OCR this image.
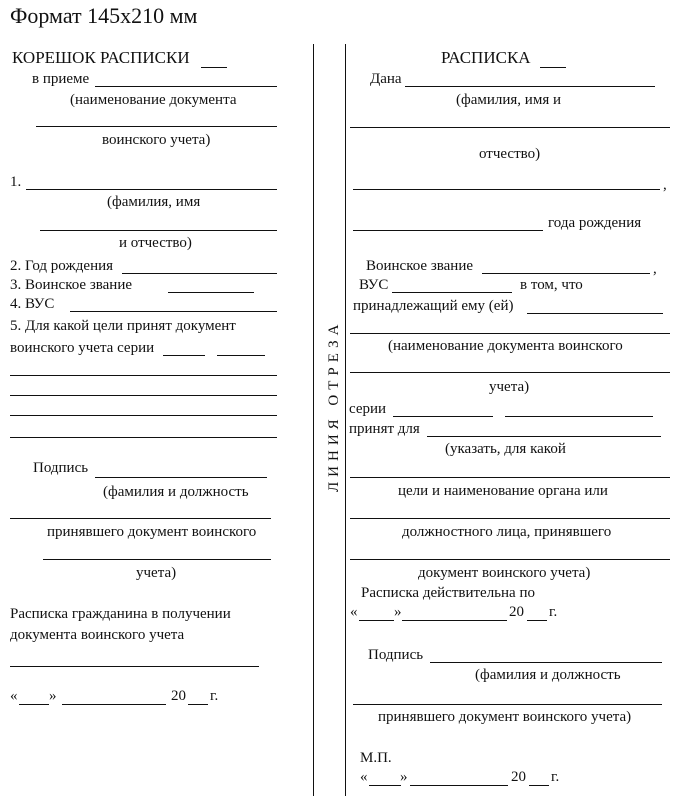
Формат 145х210 мм
ЛИНИЯ ОТРЕЗА
КОРЕШОК РАСПИСКИ
в приеме
(наименование документа
воинского учета)
1.
(фамилия, имя
и отчество)
2. Год рождения
3. Воинское звание
4. ВУС
5. Для какой цели принят документ
воинского учета серии
Подпись
(фамилия и должность
принявшего документ воинского
учета)
Расписка гражданина в получении
документа воинского учета
« »	20 г.
РАСПИСКА
Дана
(фамилия, имя и
отчество)
,
года рождения
Воинское звание	,
ВУС	в том, что
принадлежащий ему (ей)
(наименование документа воинского
учета)
серии
принят для
(указать, для какой
цели и наименование органа или
должностного лица, принявшего
документ воинского учета)
Расписка действительна по
« »	20 г.
Подпись
(фамилия и должность
принявшего документ воинского учета)
М.П.
« »	20 г.
